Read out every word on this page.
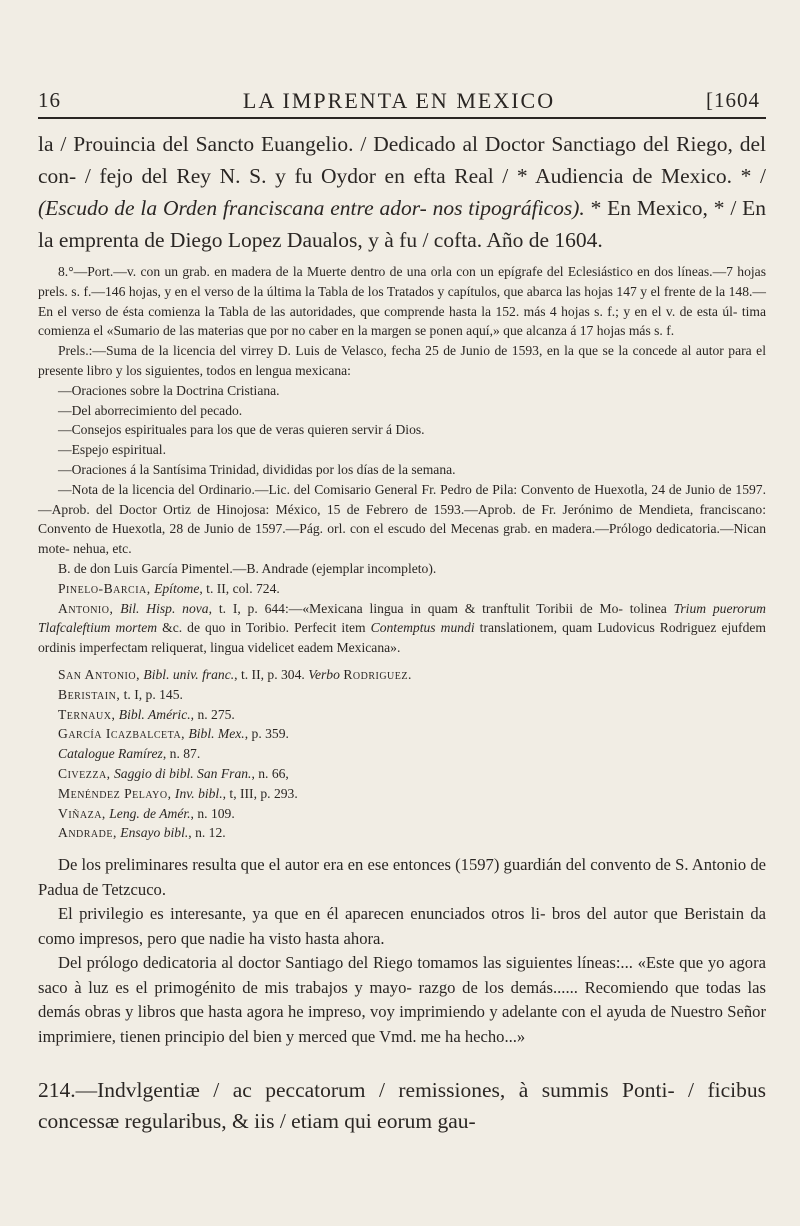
16	LA IMPRENTA EN MEXICO	[1604

la / Prouincia del Sancto Euangelio. / Dedicado al Doctor Sanctiago del Riego, del con- / fejo del Rey N. S. y fu Oydor en efta Real / * Audiencia de Mexico. * / (Escudo de la Orden franciscana entre ador- nos tipográficos). * En Mexico, * / En la emprenta de Diego Lopez Daualos, y à fu / cofta. Año de 1604.

8.°—Port.—v. con un grab. en madera de la Muerte dentro de una orla con un epígrafe del Eclesiástico en dos líneas.—7 hojas prels. s. f.—146 hojas, y en el verso de la última la Tabla de los Tratados y capítulos, que abarca las hojas 147 y el frente de la 148.—En el verso de ésta comienza la Tabla de las autoridades, que comprende hasta la 152. más 4 hojas s. f.; y en el v. de esta úl- tima comienza el «Sumario de las materias que por no caber en la margen se ponen aquí,» que alcanza á 17 hojas más s. f.

Prels.:—Suma de la licencia del virrey D. Luis de Velasco, fecha 25 de Junio de 1593, en la que se la concede al autor para el presente libro y los siguientes, todos en lengua mexicana:

—Oraciones sobre la Doctrina Cristiana.

—Del aborrecimiento del pecado.

—Consejos espirituales para los que de veras quieren servir á Dios.

—Espejo espiritual.

—Oraciones á la Santísima Trinidad, divididas por los días de la semana.

—Nota de la licencia del Ordinario.—Lic. del Comisario General Fr. Pedro de Pila: Convento de Huexotla, 24 de Junio de 1597.—Aprob. del Doctor Ortiz de Hinojosa: México, 15 de Febrero de 1593.—Aprob. de Fr. Jerónimo de Mendieta, franciscano: Convento de Huexotla, 28 de Junio de 1597.—Pág. orl. con el escudo del Mecenas grab. en madera.—Prólogo dedicatoria.—Nican mote- nehua, etc.

B. de don Luis García Pimentel.—B. Andrade (ejemplar incompleto).

Pinelo-Barcia, Epítome, t. II, col. 724.

Antonio, Bil. Hisp. nova, t. I, p. 644:—«Mexicana lingua in quam & tranftulit Toribii de Mo- tolinea Trium puerorum Tlafcaleftium mortem &c. de quo in Toribio. Perfecit item Contemptus mundi translationem, quam Ludovicus Rodriguez ejufdem ordinis imperfectam reliquerat, lingua videlicet eadem Mexicana».

San Antonio, Bibl. univ. franc., t. II, p. 304. Verbo Rodriguez.

Beristain, t. I, p. 145.

Ternaux, Bibl. Améric., n. 275.

García Icazbalceta, Bibl. Mex., p. 359.

Catalogue Ramírez, n. 87.

Civezza, Saggio di bibl. San Fran., n. 66,

Menéndez Pelayo, Inv. bibl., t, III, p. 293.

Viñaza, Leng. de Amér., n. 109.

Andrade, Ensayo bibl., n. 12.

De los preliminares resulta que el autor era en ese entonces (1597) guardián del convento de S. Antonio de Padua de Tetzcuco.

El privilegio es interesante, ya que en él aparecen enunciados otros li- bros del autor que Beristain da como impresos, pero que nadie ha visto hasta ahora.

Del prólogo dedicatoria al doctor Santiago del Riego tomamos las siguientes líneas:... «Este que yo agora saco à luz es el primogénito de mis trabajos y mayo- razgo de los demás...... Recomiendo que todas las demás obras y libros que hasta agora he impreso, voy imprimiendo y adelante con el ayuda de Nuestro Señor imprimiere, tienen principio del bien y merced que Vmd. me ha hecho...»

214.—Indvlgentiæ / ac peccatorum / remissiones, à summis Ponti- / ficibus concessæ regularibus, & iis / etiam qui eorum gau-
